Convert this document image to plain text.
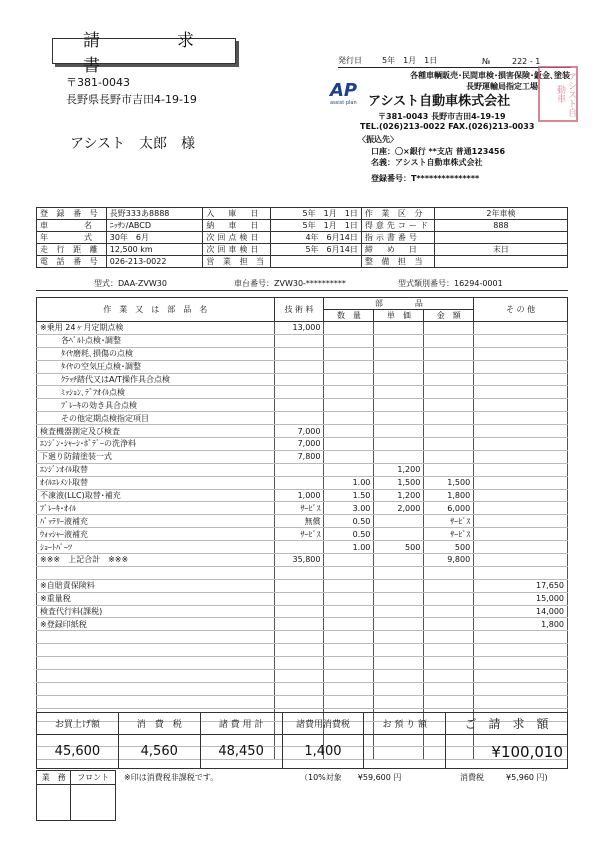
請　求　書	発行日	5年　1月　1日	№	222 - 1
〒381-0043
長野県長野市吉田4-19-19
アシスト　太郎　様
各種車輌販売･民間車検･損害保険･鈑金､塗装
長野運輸局指定工場
AP
assist plan アシスト自動車株式会社	アシスト自動車
〒381-0043 長野市吉田4-19-19
TEL.(026)213-0022 FAX.(026)213-0033
〈振込先〉
口座：〇×銀行 **支店 普通123456
名義：アシスト自動車株式会社
登録番号：T***************
登 録 番 号	長野333あ8888	入　庫　日	5年　1月　1日	作 業 区 分	2年車検
車　　　名	ﾆｯｻﾝ/ABCD	納　車　日	5年　1月　1日	得意先コード	888
年　　　式	30年　6月	次回点検日	4年　6月14日	指示書番号	
走 行 距 離	12,500 km	次回車検日	5年　6月14日	締　め　日	末日
電 話 番 号	026-213-0022	営 業 担 当		整 備 担 当	
型式：DAA-ZVW30	車台番号：ZVW30-**********	型式類別番号：16294-0001
作　業　又　は　部　品　名	技 術 料	部　　　　品			そ の 他
		数　量	単　価	金　額	
※乗用 24ヶ月定期点検	13,000				
各ﾍﾞﾙﾄ点検･調整					
ﾀｲﾔ磨耗､損傷の点検					
ﾀｲﾔの空気圧点検･調整					
ｸﾗｯﾁ踏代又はA/T操作具合点検					
ﾐｯｼｮﾝ､ﾃﾞﾌｵｲﾙ点検					
ﾌﾞﾚｰｷの効き具合点検					
その他定期点検指定項目					
検査機器測定及び検査	7,000				
ｴﾝｼﾞﾝ･ｼｬｰｼ･ﾎﾞﾃﾞｰの洗浄料	7,000				
下廻り防錆塗装一式	7,800				
ｴﾝｼﾞﾝｵｲﾙ取替			1,200		
ｵｲﾙｴﾚﾒﾝﾄ取替		1.00	1,500	1,500	
不凍液(LLC)取替･補充	1,000	1.50	1,200	1,800	
ﾌﾞﾚｰｷ･ｵｲﾙ	ｻｰﾋﾞｽ	3.00	2,000	6,000	
ﾊﾞｯﾃﾘｰ液補充	無償	0.50		ｻｰﾋﾞｽ	
ｳｫｯｼｬｰ液補充	ｻｰﾋﾞｽ	0.50		ｻｰﾋﾞｽ	
ｼｮｰﾄﾊﾟｰﾂ		1.00	500	500	
※※※　上記合計　※※※	35,800			9,800	

※自賠責保険料					17,650
※重量税					15,000
検査代行料(課税)					14,000
※登録印紙税					1,800

お買上げ額	消　費　税	諸 費 用 計	諸費用消費税	お 預 り 額	ご　請　求　額
45,600	4,560	48,450	1,400		¥100,010
業　務	フロント
	※印は消費税非課税です。	（10%対象　　¥59,600 円	消費税	¥5,960 円)
